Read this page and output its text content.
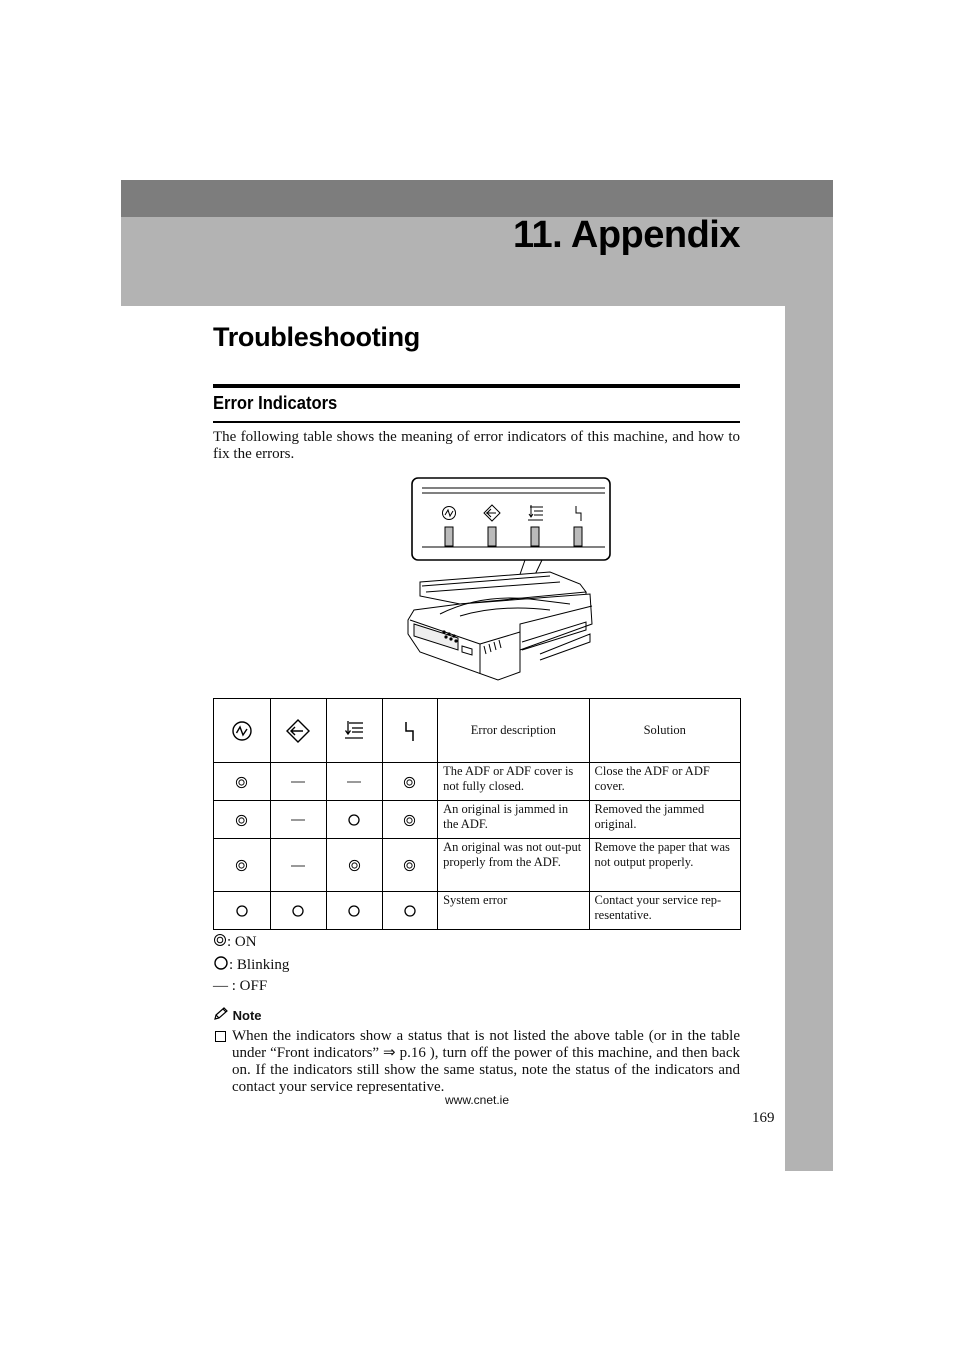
11. Appendix
Troubleshooting
Error Indicators

The following table shows the meaning of error indicators of this machine, and how to fix the errors.

				Error description	Solution
				The ADF or ADF cover is not fully closed.	Close the ADF or ADF cover.
				An original is jammed in the ADF.	Removed the jammed original.
				An original was not out-put properly from the ADF.	Remove the paper that was not output properly.
				System error	Contact your service rep-resentative.

: ON

: Blinking

— : OFF

Note

When the indicators show a status that is not listed the above table (or in the table under “Front indicators” ⇒ p.16 ), turn off the power of this machine, and then back on. If the indicators still show the same status, note the status of the indicators and contact your service representative.

www.cnet.ie

169
